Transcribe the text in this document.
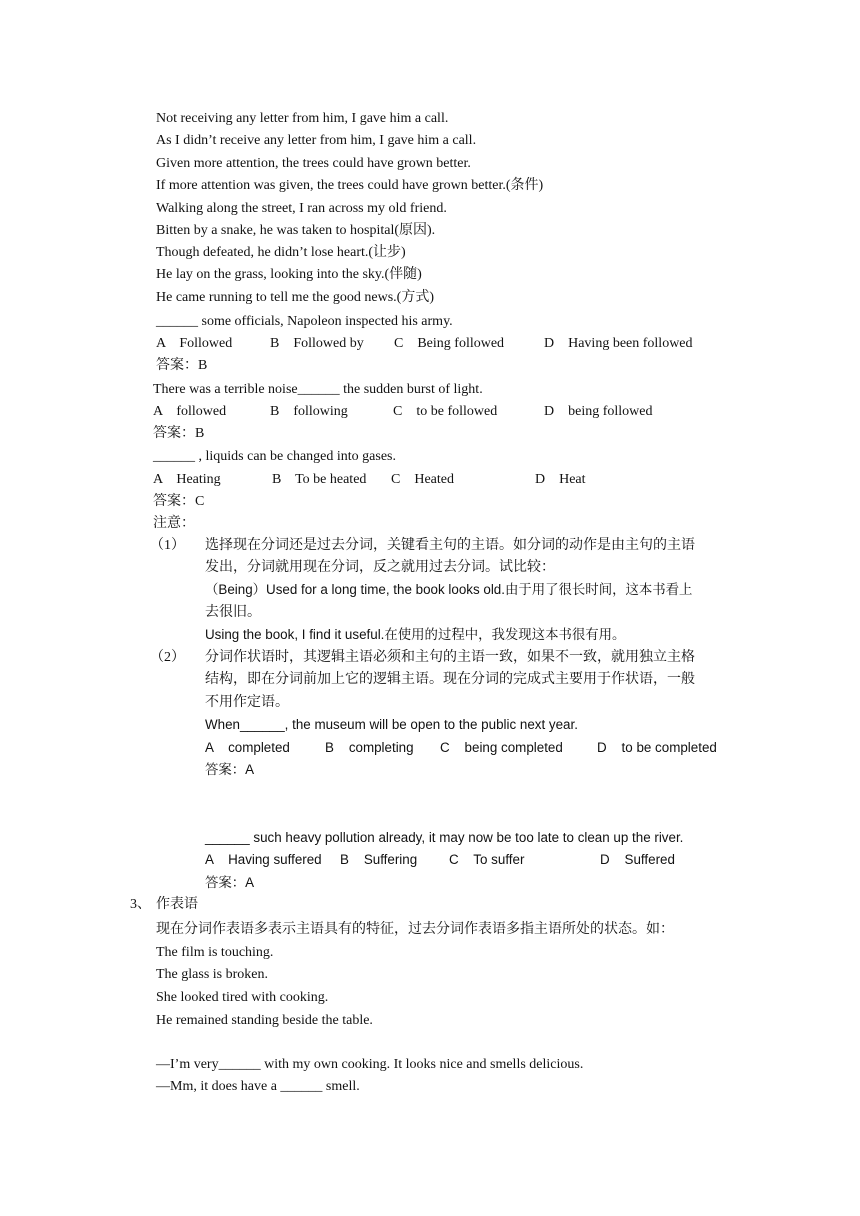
Not receiving any letter from him, I gave him a call.
As I didn’t receive any letter from him, I gave him a call.
Given more attention, the trees could have grown better.
If more attention was given, the trees could have grown better.(条件)
Walking along the street, I ran across my old friend.
Bitten by a snake, he was taken to hospital(原因).
Though defeated, he didn’t lose heart.(让步)
He lay on the grass, looking into the sky.(伴随)
He came running to tell me the good news.(方式)
______ some officials, Napoleon inspected his army.
A    Followed	B    Followed by C    Being followed	D    Having been followed
答案：B
There was a terrible noise______ the sudden burst of light.
A    followed	B    following	C    to be followed	D    being followed
答案：B
______ , liquids can be changed into gases.
A    Heating	B    To be heated C    Heated	D    Heat
答案：C
注意：
（1） 选择现在分词还是过去分词，关键看主句的主语。如分词的动作是由主句的主语
发出，分词就用现在分词，反之就用过去分词。试比较：
（Being）Used for a long time, the book looks old.由于用了很长时间，这本书看上
去很旧。
Using the book, I find it useful.在使用的过程中，我发现这本书很有用。
（2） 分词作状语时，其逻辑主语必须和主句的主语一致，如果不一致，就用独立主格
结构，即在分词前加上它的逻辑主语。现在分词的完成式主要用于作状语，一般
不用作定语。
When______, the museum will be open to the public next year.
A    completed	B    completing C    being completed	D    to be completed
答案：A
______ such heavy pollution already, it may now be too late to clean up the river.
A    Having suffered B    Suffering C    To suffer	D    Suffered
答案：A
3、 作表语
现在分词作表语多表示主语具有的特征，过去分词作表语多指主语所处的状态。如：
The film is touching.
The glass is broken.
She looked tired with cooking.
He remained standing beside the table.
—I’m very______ with my own cooking. It looks nice and smells delicious.
—Mm, it does have a ______ smell.
